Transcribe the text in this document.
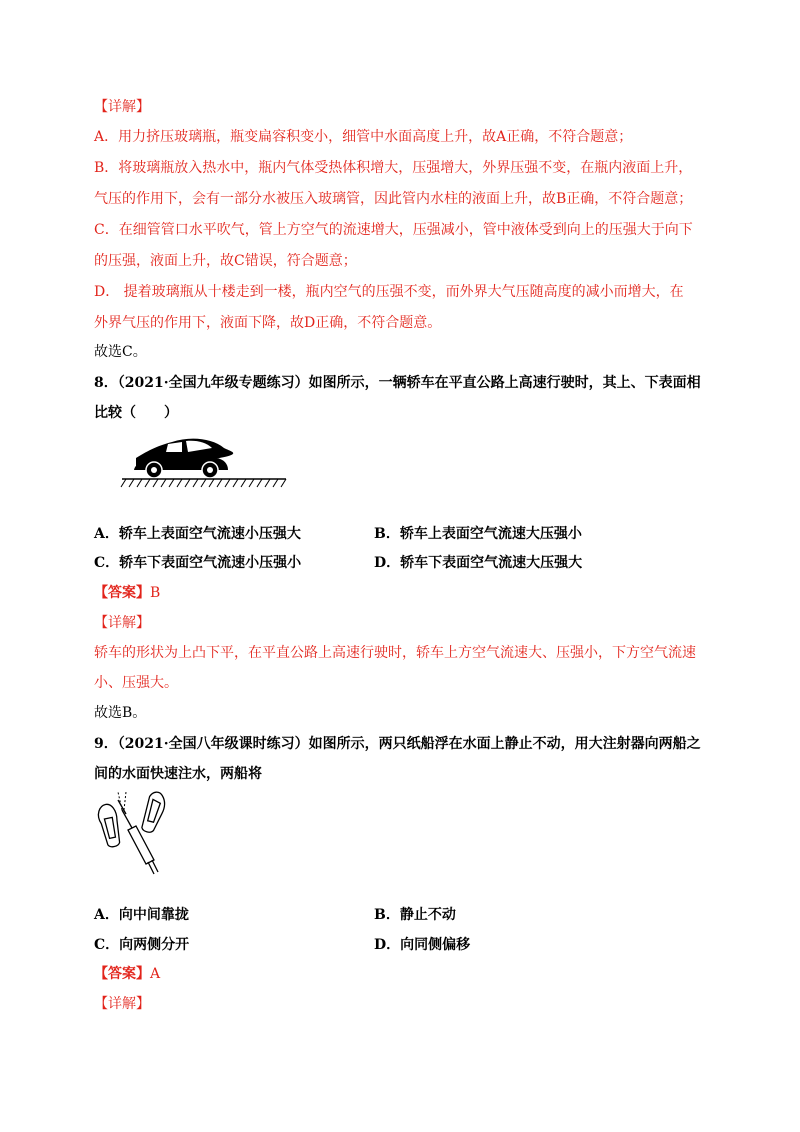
【详解】
A．用力挤压玻璃瓶，瓶变扁容积变小，细管中水面高度上升，故A正确，不符合题意；
B．将玻璃瓶放入热水中，瓶内气体受热体积增大，压强增大，外界压强不变，在瓶内液面上升，
气压的作用下，会有一部分水被压入玻璃管，因此管内水柱的液面上升，故B正确，不符合题意；
C．在细管管口水平吹气，管上方空气的流速增大，压强减小，管中液体受到向上的压强大于向下
的压强，液面上升，故C错误，符合题意；
D． 提着玻璃瓶从十楼走到一楼，瓶内空气的压强不变，而外界大气压随高度的减小而增大，在
外界气压的作用下，液面下降，故D正确，不符合题意。
故选C。
8．（2021·全国九年级专题练习）如图所示，一辆轿车在平直公路上高速行驶时，其上、下表面相
比较（　　）
A．轿车上表面空气流速小压强大	B．轿车上表面空气流速大压强小
C．轿车下表面空气流速小压强小	D．轿车下表面空气流速大压强大
【答案】B
【详解】
轿车的形状为上凸下平，在平直公路上高速行驶时，轿车上方空气流速大、压强小，下方空气流速
小、压强大。
故选B。
9．（2021·全国八年级课时练习）如图所示，两只纸船浮在水面上静止不动，用大注射器向两船之
间的水面快速注水，两船将
A．向中间靠拢	B．静止不动
C．向两侧分开	D．向同侧偏移
【答案】A
【详解】
